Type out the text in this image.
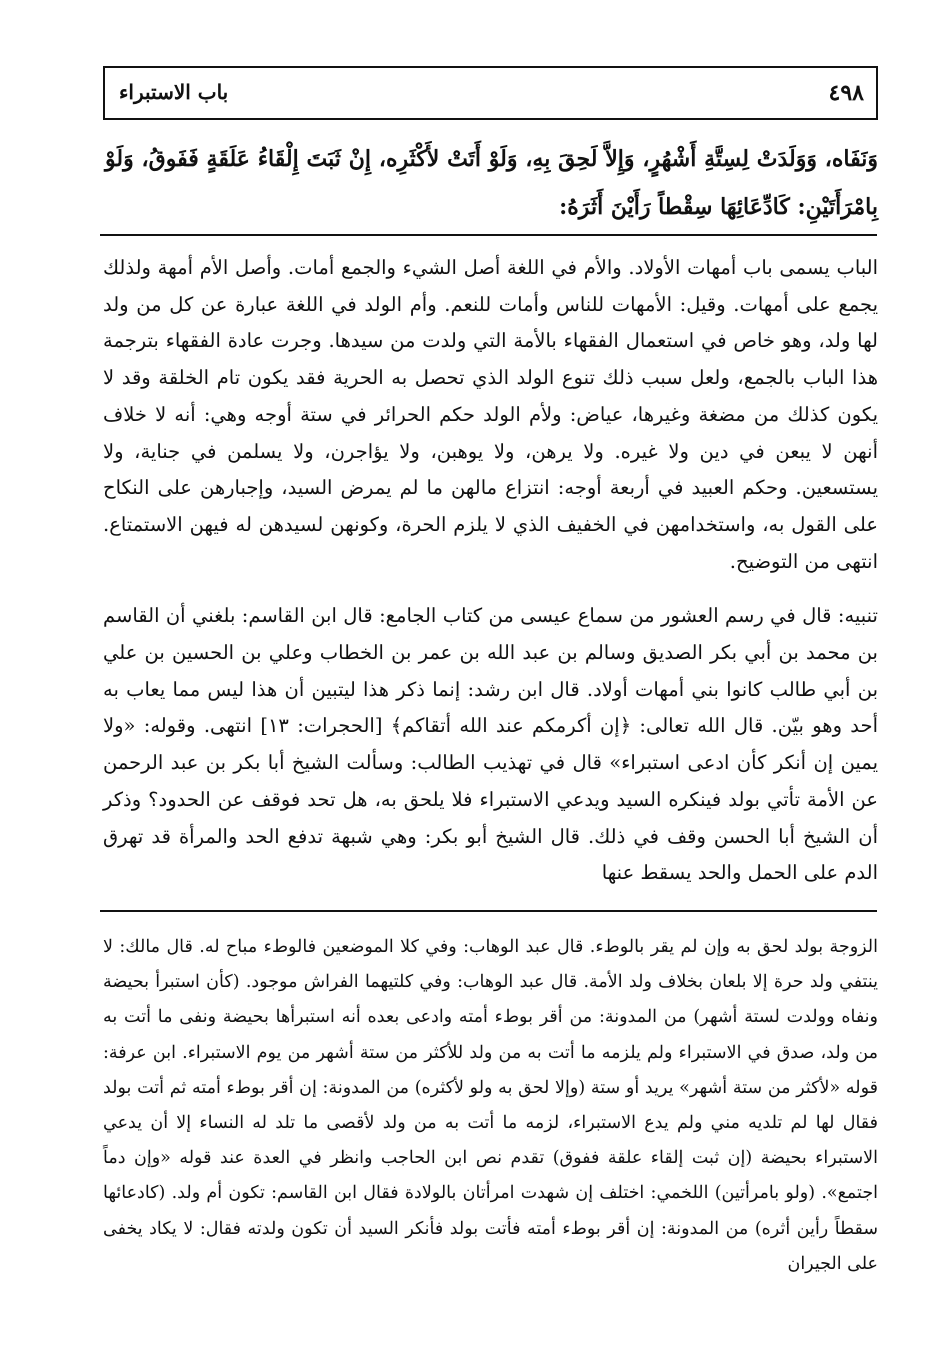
٤٩٨
باب الاستبراء
وَنَفَاه، وَوَلَدَتْ لِسِتَّةِ أَشْهُرٍ، وَإِلاَّ لَحِقَ بِهِ، وَلَوْ أَتَتْ لأَكْثَرِه، إِنْ ثَبَتَ إِلْقَاءُ عَلَقَةٍ فَفَوقُ، وَلَوْ بِامْرَأَتَيْنِ: كَادِّعَائِهَا سِقْطاً رَأَيْنَ أَثَرَهُ:

الباب يسمى باب أمهات الأولاد. والأم في اللغة أصل الشيء والجمع أمات. وأصل الأم أمهة ولذلك يجمع على أمهات. وقيل: الأمهات للناس وأمات للنعم. وأم الولد في اللغة عبارة عن كل من ولد لها ولد، وهو خاص في استعمال الفقهاء بالأمة التي ولدت من سيدها. وجرت عادة الفقهاء بترجمة هذا الباب بالجمع، ولعل سبب ذلك تنوع الولد الذي تحصل به الحرية فقد يكون تام الخلقة وقد لا يكون كذلك من مضغة وغيرها، عياض: ولأم الولد حكم الحرائر في ستة أوجه وهي: أنه لا خلاف أنهن لا يبعن في دين ولا غيره. ولا يرهن، ولا يوهبن، ولا يؤاجرن، ولا يسلمن في جناية، ولا يستسعين. وحكم العبيد في أربعة أوجه: انتزاع مالهن ما لم يمرض السيد، وإجبارهن على النكاح على القول به، واستخدامهن في الخفيف الذي لا يلزم الحرة، وكونهن لسيدهن له فيهن الاستمتاع. انتهى من التوضيح.

تنبيه: قال في رسم العشور من سماع عيسى من كتاب الجامع: قال ابن القاسم: بلغني أن القاسم بن محمد بن أبي بكر الصديق وسالم بن عبد الله بن عمر بن الخطاب وعلي بن الحسين بن علي بن أبي طالب كانوا بني أمهات أولاد. قال ابن رشد: إنما ذكر هذا ليتبين أن هذا ليس مما يعاب به أحد وهو بيّن. قال الله تعالى: ﴿إن أكرمكم عند الله أتقاكم﴾ [الحجرات: ١٣] انتهى. وقوله: «ولا يمين إن أنكر كأن ادعى استبراء» قال في تهذيب الطالب: وسألت الشيخ أبا بكر بن عبد الرحمن عن الأمة تأتي بولد فينكره السيد ويدعي الاستبراء فلا يلحق به، هل تحد فوقف عن الحدود؟ وذكر أن الشيخ أبا الحسن وقف في ذلك. قال الشيخ أبو بكر: وهي شبهة تدفع الحد والمرأة قد تهرق الدم على الحمل والحد يسقط عنها

الزوجة بولد لحق به وإن لم يقر بالوطء. قال عبد الوهاب: وفي كلا الموضعين فالوطء مباح له. قال مالك: لا ينتفي ولد حرة إلا بلعان بخلاف ولد الأمة. قال عبد الوهاب: وفي كلتيهما الفراش موجود. (كأن استبرأ بحيضة ونفاه وولدت لستة أشهر) من المدونة: من أقر بوطء أمته وادعى بعده أنه استبرأها بحيضة ونفى ما أتت به من ولد، صدق في الاستبراء ولم يلزمه ما أتت به من ولد للأكثر من ستة أشهر من يوم الاستبراء. ابن عرفة: قوله «لأكثر من ستة أشهر» يريد أو ستة (وإلا لحق به ولو لأكثره) من المدونة: إن أقر بوطء أمته ثم أتت بولد فقال لها لم تلديه مني ولم يدع الاستبراء، لزمه ما أتت به من ولد لأقصى ما تلد له النساء إلا أن يدعي الاستبراء بحيضة (إن ثبت إلقاء علقة ففوق) تقدم نص ابن الحاجب وانظر في العدة عند قوله «وإن دماً اجتمع». (ولو بامرأتين) اللخمي: اختلف إن شهدت امرأتان بالولادة فقال ابن القاسم: تكون أم ولد. (كادعائها سقطاً رأين أثره) من المدونة: إن أقر بوطء أمته فأتت بولد فأنكر السيد أن تكون ولدته فقال: لا يكاد يخفى على الجيران
